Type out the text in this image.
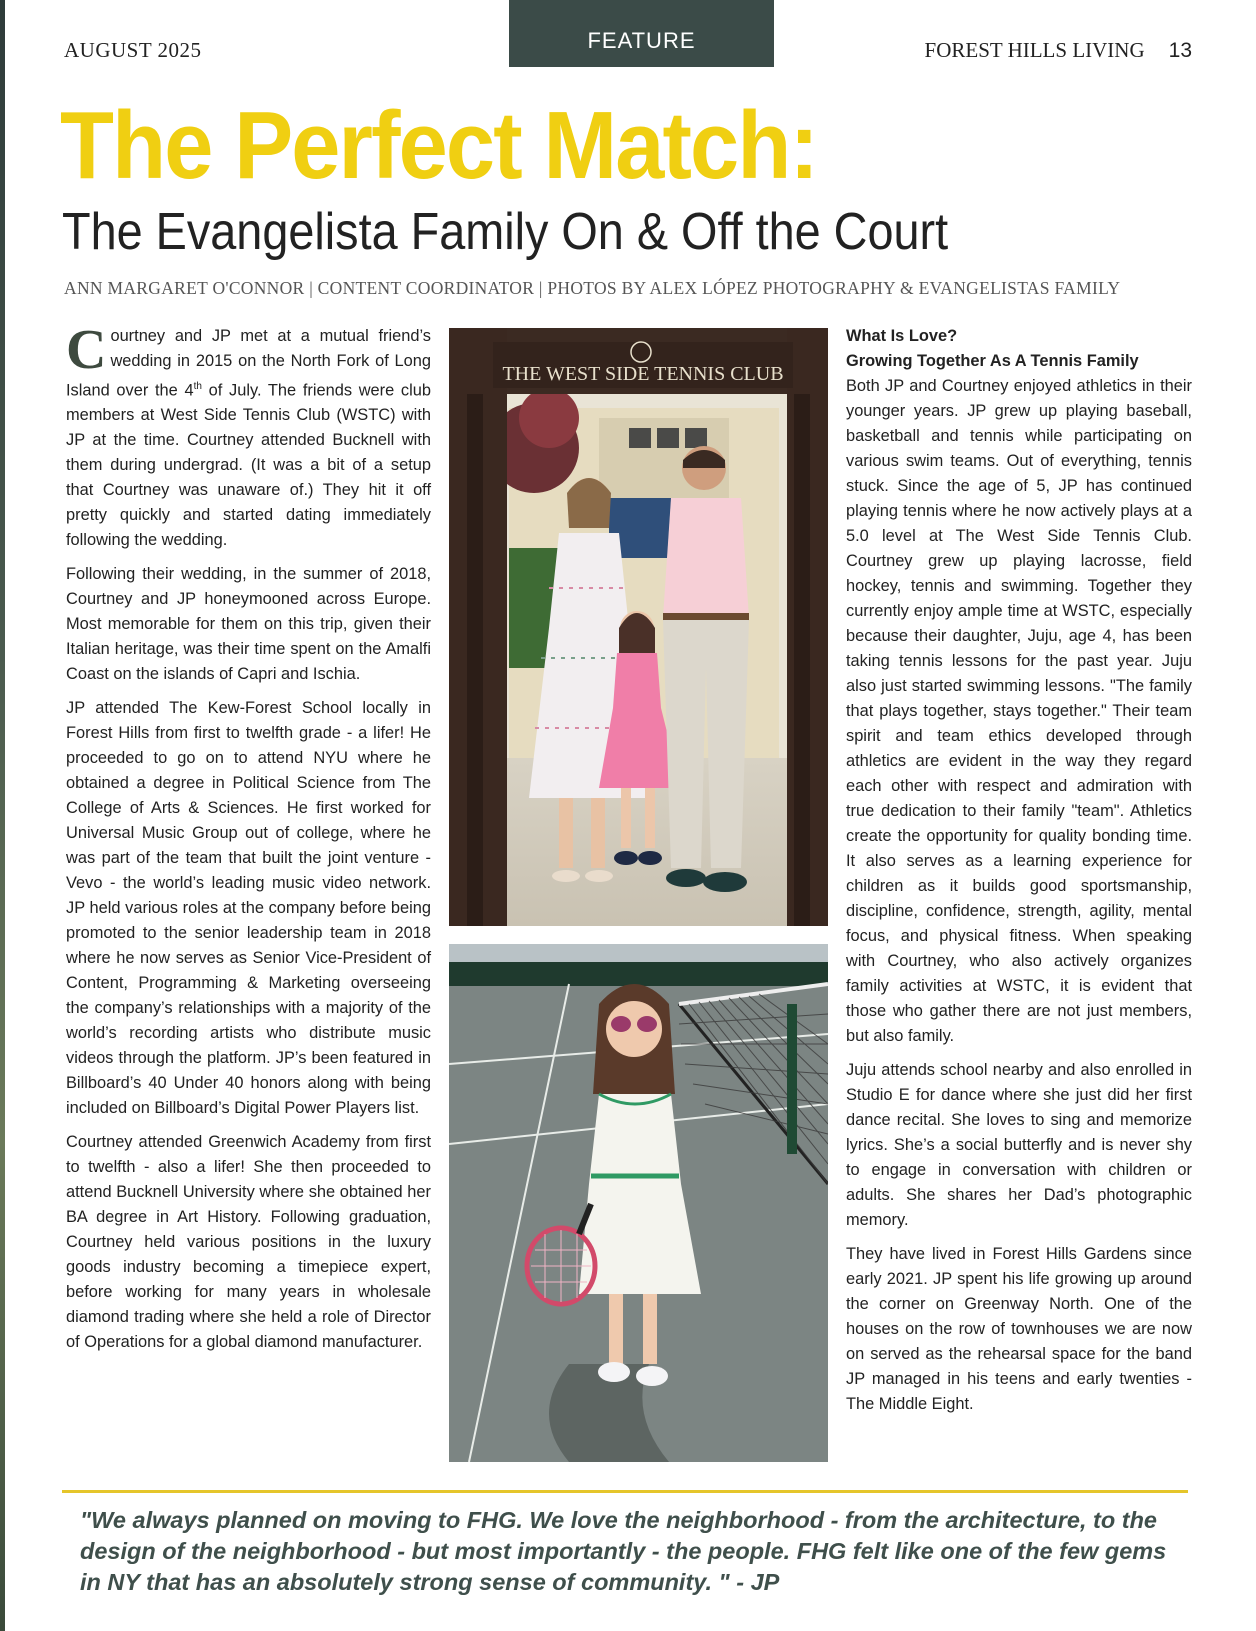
AUGUST 2025	FEATURE	FOREST HILLS LIVING 13
The Perfect Match:
The Evangelista Family On & Off the Court
ANN MARGARET O'CONNOR | CONTENT COORDINATOR | PHOTOS BY ALEX LÓPEZ PHOTOGRAPHY & EVANGELISTAS FAMILY

Courtney and JP met at a mutual friend’s wedding in 2015 on the North Fork of Long Island over the 4th of July. The friends were club members at West Side Tennis Club (WSTC) with JP at the time. Courtney attended Bucknell with them during undergrad. (It was a bit of a setup that Courtney was unaware of.) They hit it off pretty quickly and started dating immediately following the wedding.

Following their wedding, in the summer of 2018, Courtney and JP honeymooned across Europe. Most memorable for them on this trip, given their Italian heritage, was their time spent on the Amalfi Coast on the islands of Capri and Ischia.

JP attended The Kew-Forest School locally in Forest Hills from first to twelfth grade - a lifer! He proceeded to go on to attend NYU where he obtained a degree in Political Science from The College of Arts & Sciences. He first worked for Universal Music Group out of college, where he was part of the team that built the joint venture - Vevo - the world’s leading music video network. JP held various roles at the company before being promoted to the senior leadership team in 2018 where he now serves as Senior Vice-President of Content, Programming & Marketing overseeing the company’s relationships with a majority of the world’s recording artists who distribute music videos through the platform. JP’s been featured in Billboard’s 40 Under 40 honors along with being included on Billboard’s Digital Power Players list.

Courtney attended Greenwich Academy from first to twelfth - also a lifer! She then proceeded to attend Bucknell University where she obtained her BA degree in Art History. Following graduation, Courtney held various positions in the luxury goods industry becoming a timepiece expert, before working for many years in wholesale diamond trading where she held a role of Director of Operations for a global diamond manufacturer.

THE WEST SIDE TENNIS CLUB

What Is Love?

Growing Together As A Tennis Family

Both JP and Courtney enjoyed athletics in their younger years. JP grew up playing baseball, basketball and tennis while participating on various swim teams. Out of everything, tennis stuck. Since the age of 5, JP has continued playing tennis where he now actively plays at a 5.0 level at The West Side Tennis Club. Courtney grew up playing lacrosse, field hockey, tennis and swimming. Together they currently enjoy ample time at WSTC, especially because their daughter, Juju, age 4, has been taking tennis lessons for the past year. Juju also just started swimming lessons. "The family that plays together, stays together." Their team spirit and team ethics developed through athletics are evident in the way they regard each other with respect and admiration with true dedication to their family "team". Athletics create the opportunity for quality bonding time. It also serves as a learning experience for children as it builds good sportsmanship, discipline, confidence, strength, agility, mental focus, and physical fitness. When speaking with Courtney, who also actively organizes family activities at WSTC, it is evident that those who gather there are not just members, but also family.

Juju attends school nearby and also enrolled in Studio E for dance where she just did her first dance recital. She loves to sing and memorize lyrics. She’s a social butterfly and is never shy to engage in conversation with children or adults. She shares her Dad’s photographic memory.

They have lived in Forest Hills Gardens since early 2021. JP spent his life growing up around the corner on Greenway North. One of the houses on the row of townhouses we are now on served as the rehearsal space for the band JP managed in his teens and early twenties - The Middle Eight.

"We always planned on moving to FHG. We love the neighborhood - from the architecture, to the design of the neighborhood - but most importantly - the people. FHG felt like one of the few gems in NY that has an absolutely strong sense of community. " - JP
